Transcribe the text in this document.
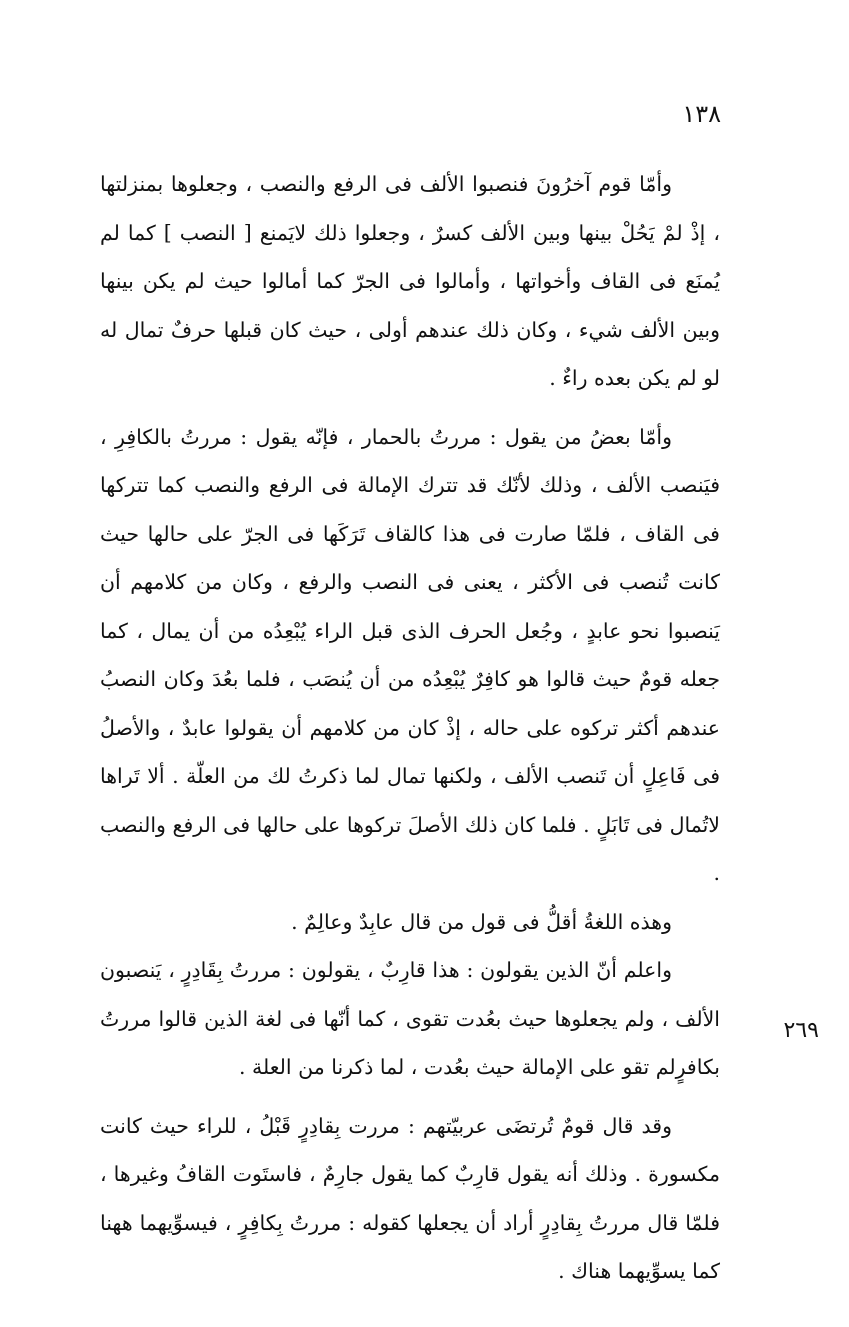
١٣٨

وأمّا قوم آخرُونَ فنصبوا الألف فى الرفع والنصب ، وجعلوها بمنزلتها ، إذْ لمْ يَحُلْ بينها وبين الألف كسرٌ ، وجعلوا ذلك لايَمنع [ النصب ] كما لم يُمنَع فى القاف وأخواتها ، وأمالوا فى الجرّ كما أمالوا حيث لم يكن بينها وبين الألف شيء ، وكان ذلك عندهم أولى ، حيث كان قبلها حرفٌ تمال له لو لم يكن بعده راءٌ .

وأمّا بعضُ من يقول : مررتُ بالحمار ، فإنّه يقول : مررتُ بالكافِرِ ، فيَنصب الألف ، وذلك لأنّك قد تترك الإمالة فى الرفع والنصب كما تتركها فى القاف ، فلمّا صارت فى هذا كالقاف تَرَكَها فى الجرّ على حالها حيث كانت تُنصب فى الأكثر ، يعنى فى النصب والرفع ، وكان من كلامهم أن يَنصبوا نحو عابدٍ ، وجُعل الحرف الذى قبل الراء يُبْعِدُه من أن يمال ، كما جعله قومٌ حيث قالوا هو كافِرٌ يُبْعِدُه من أن يُنصَب ، فلما بعُدَ وكان النصبُ عندهم أكثر تركوه على حاله ، إذْ كان من كلامهم أن يقولوا عابدٌ ، والأصلُ فى فَاعِلٍ أن تَنصب الألف ، ولكنها تمال لما ذكرتُ لك من العلّة . ألا تَراها لاتُمال فى تَابَلٍ . فلما كان ذلك الأصلَ تركوها على حالها فى الرفع والنصب .

وهذه اللغةُ أقلُّ فى قول من قال عابِدٌ وعالِمٌ .

واعلم أنّ الذين يقولون : هذا قارِبٌ ، يقولون : مررتُ بِقَادِرٍ ، يَنصبون الألف ، ولم يجعلوها حيث بعُدت تقوى ، كما أنّها فى لغة الذين قالوا مررتُ بكافرٍلم تقو على الإمالة حيث بعُدت ، لما ذكرنا من العلة .

وقد قال قومٌ تُرتضَى عربيّتهم : مررت بِقادِرٍ قَبْلُ ، للراء حيث كانت مكسورة . وذلك أنه يقول قارِبٌ كما يقول جارِمٌ ، فاستَوت القافُ وغيرها ، فلمّا قال مررتُ بِقادِرٍ أراد أن يجعلها كقوله : مررتُ بِكافِرٍ ، فيسوِّيهما ههنا كما يسوِّيهما هناك .

٢٦٩
